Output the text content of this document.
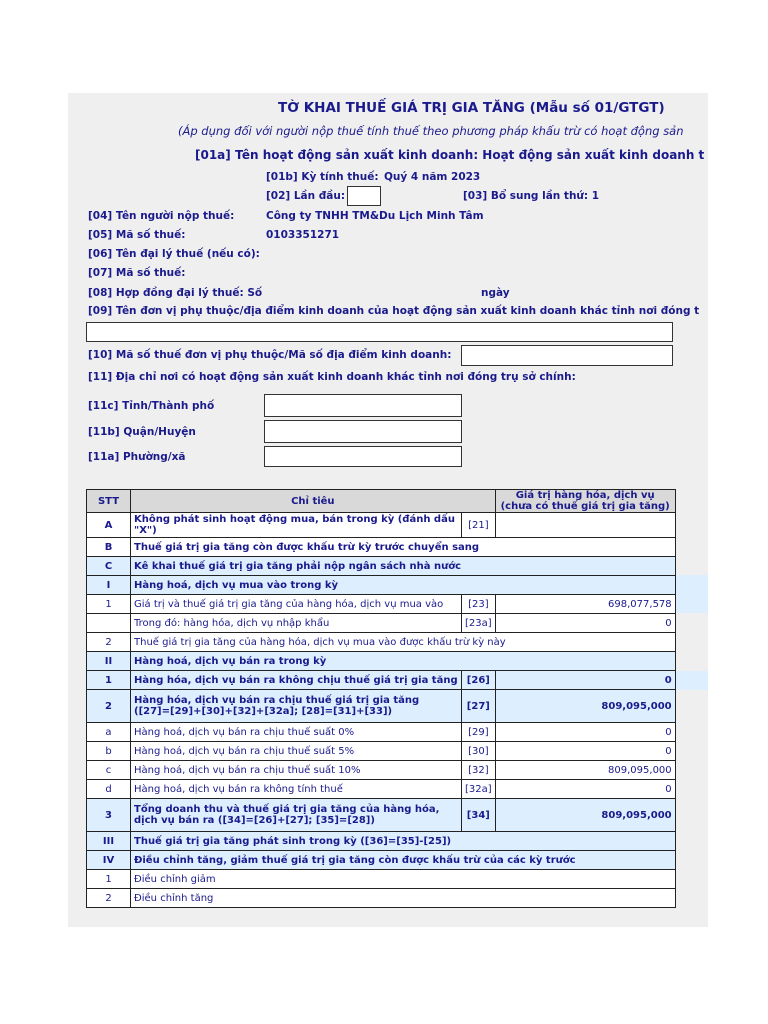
TỜ KHAI THUẾ GIÁ TRỊ GIA TĂNG (Mẫu số 01/GTGT)
(Áp dụng đối với người nộp thuế tính thuế theo phương pháp khấu trừ có hoạt động sản
[01a] Tên hoạt động sản xuất kinh doanh: Hoạt động sản xuất kinh doanh t
[01b] Kỳ tính thuế: Quý 4 năm 2023
[02] Lần đầu:	[03] Bổ sung lần thứ: 1
[04] Tên người nộp thuế:	Công ty TNHH TM&Du Lịch Minh Tâm
[05] Mã số thuế:	0103351271
[06] Tên đại lý thuế (nếu có):
[07] Mã số thuế:
[08] Hợp đồng đại lý thuế: Số	ngày
[09] Tên đơn vị phụ thuộc/địa điểm kinh doanh của hoạt động sản xuất kinh doanh khác tỉnh nơi đóng t
[10] Mã số thuế đơn vị phụ thuộc/Mã số địa điểm kinh doanh:
[11] Địa chỉ nơi có hoạt động sản xuất kinh doanh khác tỉnh nơi đóng trụ sở chính:
[11c] Tỉnh/Thành phố
[11b] Quận/Huyện
[11a] Phường/xã
STT	Chỉ tiêu		Giá trị hàng hóa, dịch vụ (chưa có thuế giá trị gia tăng)
A	Không phát sinh hoạt động mua, bán trong kỳ (đánh dấu "X")	[21]	
B	Thuế giá trị gia tăng còn được khấu trừ kỳ trước chuyển sang		
C	Kê khai thuế giá trị gia tăng phải nộp ngân sách nhà nước		
I	Hàng hoá, dịch vụ mua vào trong kỳ		
1	Giá trị và thuế giá trị gia tăng của hàng hóa, dịch vụ mua vào	[23]	698,077,578
	Trong đó: hàng hóa, dịch vụ nhập khẩu	[23a]	0
2	Thuế giá trị gia tăng của hàng hóa, dịch vụ mua vào được khấu trừ kỳ này		
II	Hàng hoá, dịch vụ bán ra trong kỳ		
1	Hàng hóa, dịch vụ bán ra không chịu thuế giá trị gia tăng	[26]	0
2	Hàng hóa, dịch vụ bán ra chịu thuế giá trị gia tăng ([27]=[29]+[30]+[32]+[32a]; [28]=[31]+[33])	[27]	809,095,000
a	Hàng hoá, dịch vụ bán ra chịu thuế suất 0%	[29]	0
b	Hàng hoá, dịch vụ bán ra chịu thuế suất 5%	[30]	0
c	Hàng hoá, dịch vụ bán ra chịu thuế suất 10%	[32]	809,095,000
d	Hàng hoá, dịch vụ bán ra không tính thuế	[32a]	0
3	Tổng doanh thu và thuế giá trị gia tăng của hàng hóa, dịch vụ bán ra ([34]=[26]+[27]; [35]=[28])	[34]	809,095,000
III	Thuế giá trị gia tăng phát sinh trong kỳ ([36]=[35]-[25])		
IV	Điều chỉnh tăng, giảm thuế giá trị gia tăng còn được khấu trừ của các kỳ trước		
1	Điều chỉnh giảm		
2	Điều chỉnh tăng		
